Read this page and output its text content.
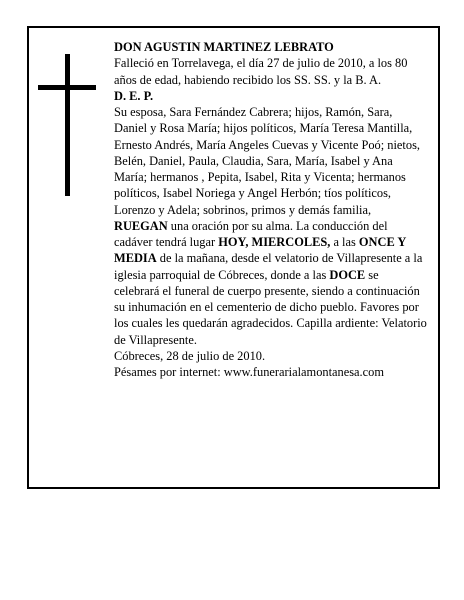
DON AGUSTIN MARTINEZ LEBRATO

Falleció en Torrelavega, el día 27 de julio de 2010, a los 80 años de edad, habiendo recibido los SS. SS. y la B. A.

D. E. P.

Su esposa, Sara Fernández Cabrera; hijos, Ramón, Sara, Daniel y Rosa María; hijos políticos, María Teresa Mantilla, Ernesto Andrés, María Angeles Cuevas y Vicente Poó; nietos, Belén, Daniel, Paula, Claudia, Sara, María, Isabel y Ana María; hermanos , Pepita, Isabel, Rita y Vicenta; hermanos políticos, Isabel Noriega y Angel Herbón; tíos políticos, Lorenzo y Adela; sobrinos, primos y demás familia,

RUEGAN una oración por su alma. La conducción del cadáver tendrá lugar HOY, MIERCOLES, a las ONCE Y MEDIA de la mañana, desde el velatorio de Villapresente a la iglesia parroquial de Cóbreces, donde a las DOCE se celebrará el funeral de cuerpo presente, siendo a continuación su inhumación en el cementerio de dicho pueblo. Favores por los cuales les quedarán agradecidos. Capilla ardiente: Velatorio de Villapresente.

Cóbreces, 28 de julio de 2010.

Pésames por internet: www.funerarialamontanesa.com
